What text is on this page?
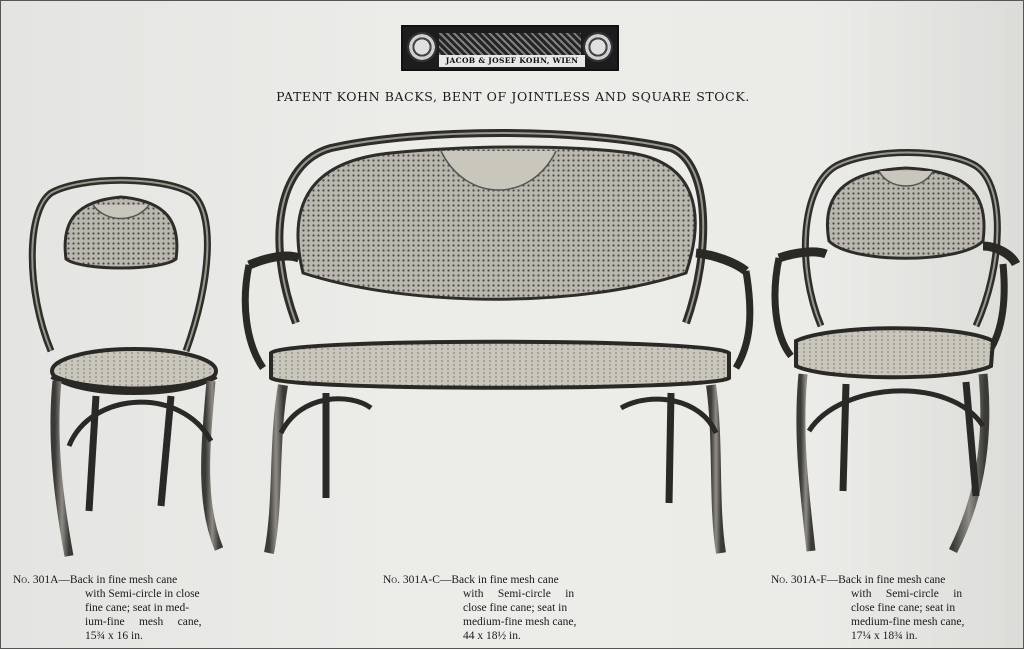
JACOB & JOSEF KOHN, WIEN
PATENT KOHN BACKS, BENT OF JOINTLESS AND SQUARE STOCK.
No. 301A—Back in fine mesh cane
with Semi-circle in close
fine cane; seat in med-
ium-fine     mesh     cane,
15¾ x 16 in.
No. 301A-C—Back in fine mesh cane
with     Semi-circle     in
close fine cane; seat in
medium-fine mesh cane,
44 x 18½ in.
No. 301A-F—Back in fine mesh cane
with     Semi-circle     in
close fine cane; seat in
medium-fine mesh cane,
17¼ x 18¾ in.
